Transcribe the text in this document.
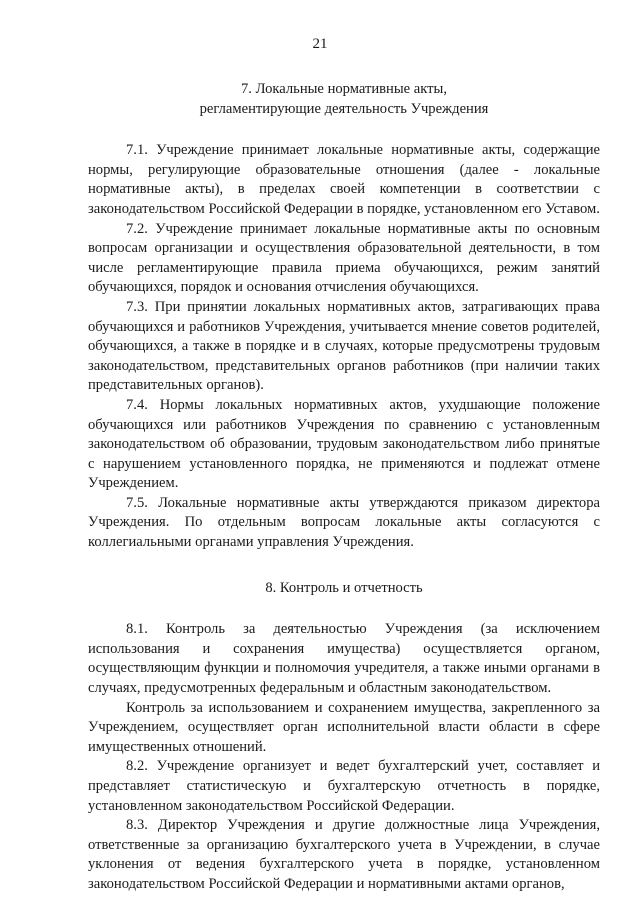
21

7. Локальные нормативные акты,

регламентирующие деятельность Учреждения

7.1. Учреждение принимает локальные нормативные акты, содержащие нормы, регулирующие образовательные отношения (далее - локальные нормативные акты), в пределах своей компетенции в соответствии с законодательством Российской Федерации в порядке, установленном его Уставом.

7.2. Учреждение принимает локальные нормативные акты по основным вопросам организации и осуществления образовательной деятельности, в том числе регламентирующие правила приема обучающихся, режим занятий обучающихся, порядок и основания отчисления обучающихся.

7.3. При принятии локальных нормативных актов, затрагивающих права обучающихся и работников Учреждения, учитывается мнение советов родителей, обучающихся, а также в порядке и в случаях, которые предусмотрены трудовым законодательством, представительных органов работников (при наличии таких представительных органов).

7.4. Нормы локальных нормативных актов, ухудшающие положение обучающихся или работников Учреждения по сравнению с установленным законодательством об образовании, трудовым законодательством либо принятые с нарушением установленного порядка, не применяются и подлежат отмене Учреждением.

7.5. Локальные нормативные акты утверждаются приказом директора Учреждения. По отдельным вопросам локальные акты согласуются с коллегиальными органами управления Учреждения.

8. Контроль и отчетность

8.1. Контроль за деятельностью Учреждения (за исключением использования и сохранения имущества) осуществляется органом, осуществляющим функции и полномочия учредителя, а также иными органами в случаях, предусмотренных федеральным и областным законодательством.

Контроль за использованием и сохранением имущества, закрепленного за Учреждением, осуществляет орган исполнительной власти области в сфере имущественных отношений.

8.2. Учреждение организует и ведет бухгалтерский учет, составляет и представляет статистическую и бухгалтерскую отчетность в порядке, установленном законодательством Российской Федерации.

8.3. Директор Учреждения и другие должностные лица Учреждения, ответственные за организацию бухгалтерского учета в Учреждении, в случае уклонения от ведения бухгалтерского учета в порядке, установленном законодательством Российской Федерации и нормативными актами органов,
